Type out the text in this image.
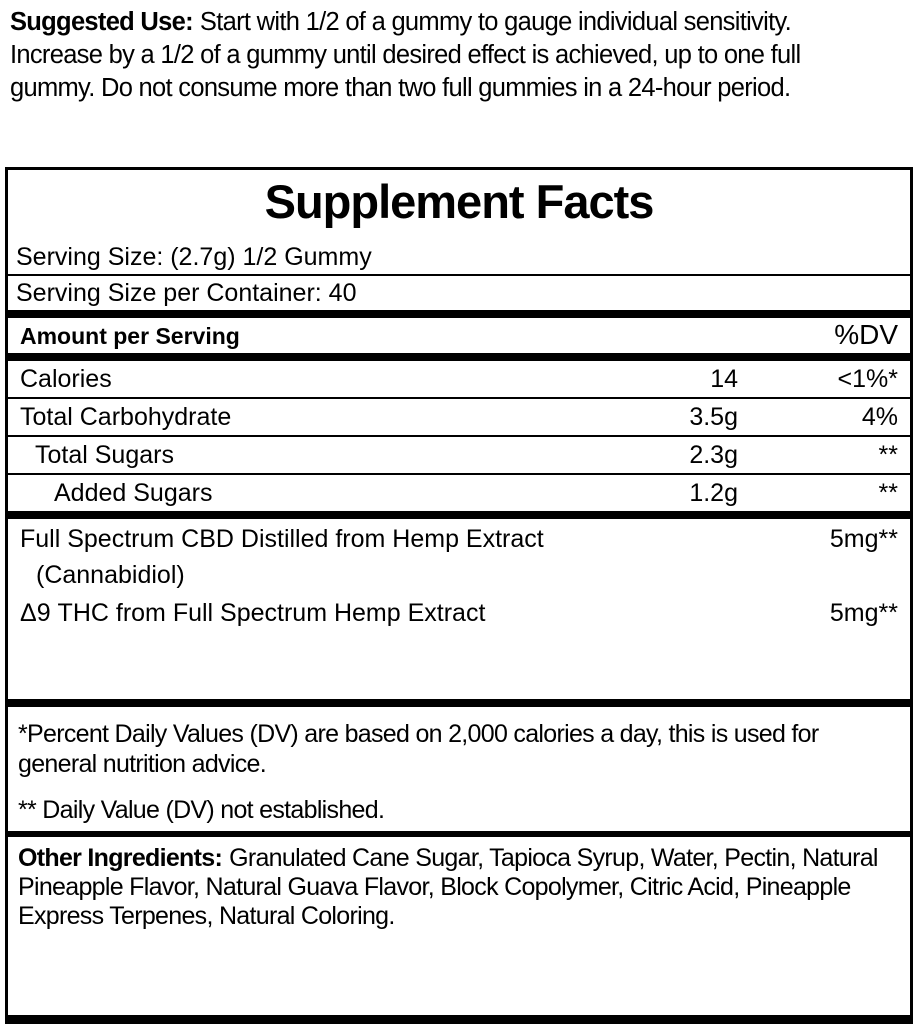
Suggested Use: Start with 1/2 of a gummy to gauge individual sensitivity.
Increase by a 1/2 of a gummy until desired effect is achieved, up to one full
gummy. Do not consume more than two full gummies in a 24-hour period.
Supplement Facts
Serving Size: (2.7g) 1/2 Gummy
Serving Size per Container: 40
Amount per Serving	%DV
Calories	14	<1%*
Total Carbohydrate	3.5g	4%
Total Sugars	2.3g	**
Added Sugars	1.2g	**
Full Spectrum CBD Distilled from Hemp Extract	5mg**
(Cannabidiol)
Δ9 THC from Full Spectrum Hemp Extract	5mg**
*Percent Daily Values (DV) are based on 2,000 calories a day, this is used for
general nutrition advice.
** Daily Value (DV) not established.
Other Ingredients: Granulated Cane Sugar, Tapioca Syrup, Water, Pectin, Natural
Pineapple Flavor, Natural Guava Flavor, Block Copolymer, Citric Acid, Pineapple
Express Terpenes, Natural Coloring.
